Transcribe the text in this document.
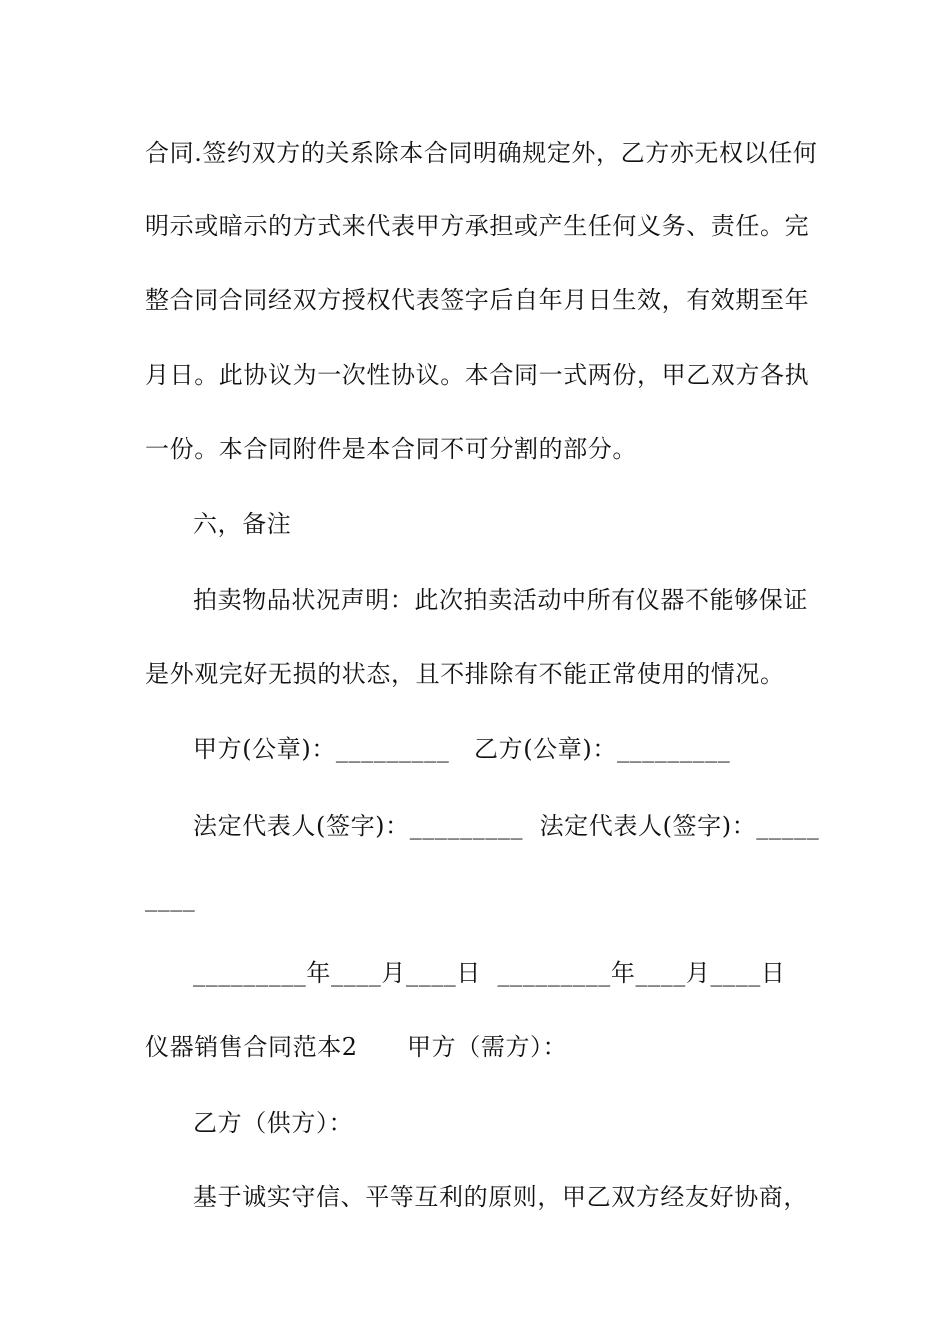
合同.签约双方的关系除本合同明确规定外，乙方亦无权以任何
明示或暗示的方式来代表甲方承担或产生任何义务、责任。完
整合同合同经双方授权代表签字后自年月日生效，有效期至年
月日。此协议为一次性协议。本合同一式两份，甲乙双方各执
一份。本合同附件是本合同不可分割的部分。
六，备注
拍卖物品状况声明：此次拍卖活动中所有仪器不能够保证
是外观完好无损的状态，且不排除有不能正常使用的情况。
甲方(公章)：_________   乙方(公章)：_________
法定代表人(签字)：_________  法定代表人(签字)：_____
____
_________年____月____日  _________年____月____日
仪器销售合同范本2      甲方（需方）：
乙方（供方）：
基于诚实守信、平等互利的原则，甲乙双方经友好协商，
